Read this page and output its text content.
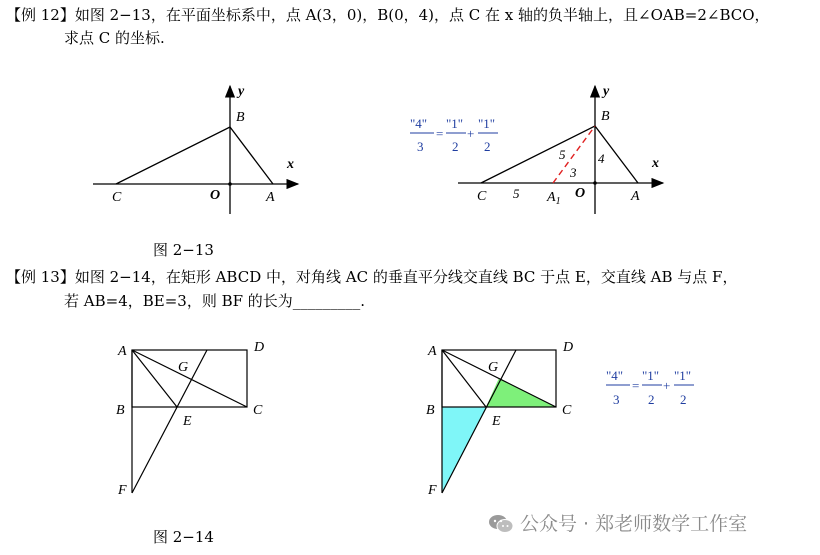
【例 12】如图 2−13，在平面坐标系中，点 A(3，0)，B(0，4)，点 C 在 x 轴的负半轴上，且∠OAB=2∠BCO，
求点 C 的坐标.
y
x
B
C	O	A
y
x
B
C	O	A
$A_1$
4
5
3
5
"4"
3
=
"1"
2
+
"1"
2
A	D
G
B	C
E
F
A	D
G
B	C
E
F
"4"
3
=
"1"
2
+
"1"
2
图 2−13
【例 13】如图 2−14，在矩形 ABCD 中，对角线 AC 的垂直平分线交直线 BC 于点 E，交直线 AB 与点 F，
若 AB=4，BE=3，则 BF 的长为_________.
图 2−14
公众号 · 郑老师数学工作室
